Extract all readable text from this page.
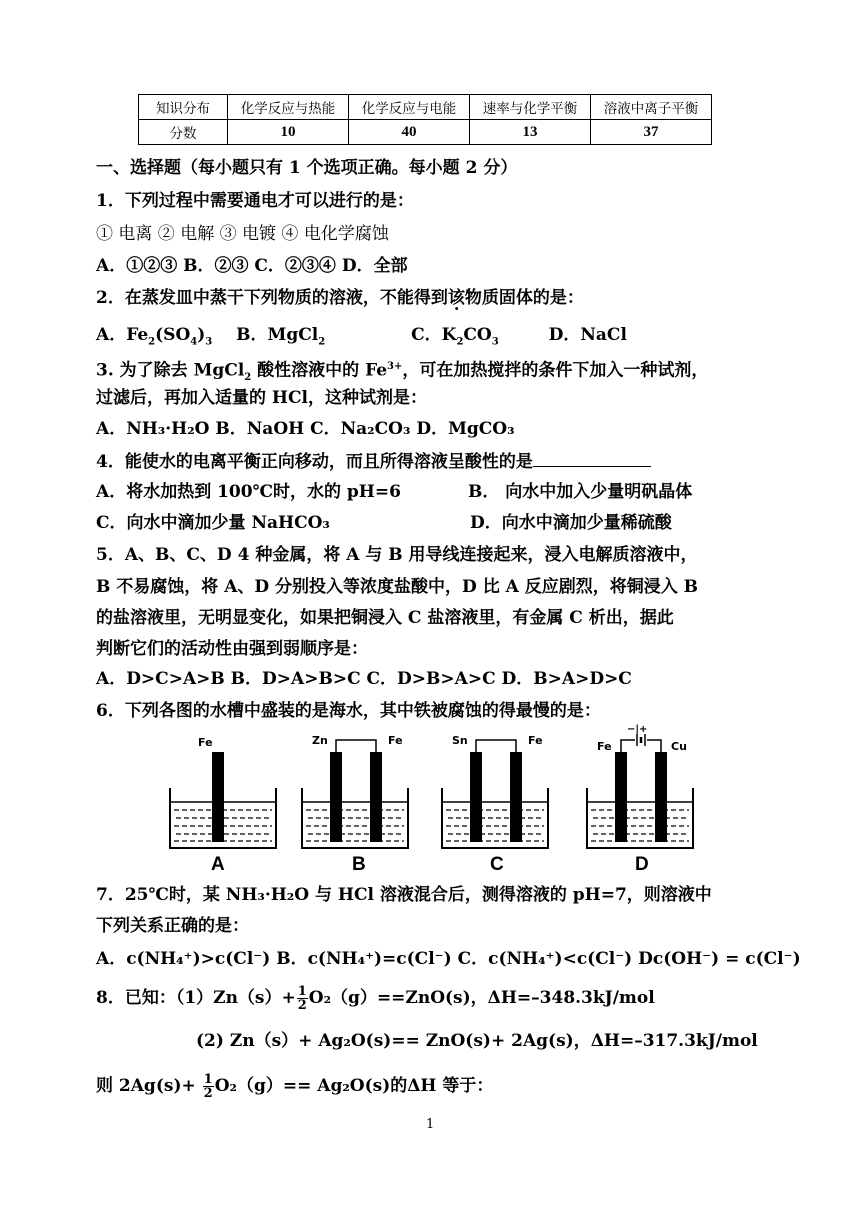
知识分布	化学反应与热能	化学反应与电能	速率与化学平衡	溶液中离子平衡
分数	10	40	13	37
一、选择题（每小题只有 1 个选项正确。每小题 2 分）
1．下列过程中需要通电才可以进行的是：
① 电离 ② 电解 ③ 电镀 ④ 电化学腐蚀
A．①②③ B．②③ C．②③④ D．全部
2．在蒸发皿中蒸干下列物质的溶液，不能得到该物质固体的是：
A．$Fe_2(SO_4)_3$ B．MgCl$_2$	C．$K_2CO_3$	D．NaCl
3. 为了除去 MgCl$_2$ 酸性溶液中的 $Fe^{3+}$，可在加热搅拌的条件下加入一种试剂，
过滤后，再加入适量的 HCl，这种试剂是：
A．NH₃·H₂O B．NaOH C．Na₂CO₃ D．MgCO₃
4．能使水的电离平衡正向移动，而且所得溶液呈酸性的是
A．将水加热到 100℃时，水的 pH=6	B． 向水中加入少量明矾晶体
C．向水中滴加少量 NaHCO₃	D．向水中滴加少量稀硫酸
5．A、B、C、D 4 种金属，将 A 与 B 用导线连接起来，浸入电解质溶液中，
B 不易腐蚀，将 A、D 分别投入等浓度盐酸中，D 比 A 反应剧烈，将铜浸入 B
的盐溶液里，无明显变化，如果把铜浸入 C 盐溶液里，有金属 C 析出，据此
判断它们的活动性由强到弱顺序是：
A．D>C>A>B B．D>A>B>C C．D>B>A>C D．B>A>D>C
6．下列各图的水槽中盛装的是海水，其中铁被腐蚀的得最慢的是：
Fe
A
Zn	Fe
B
Sn	Fe
C
Fe	Cu
−|+
D
7．25℃时，某 NH₃·H₂O 与 HCl 溶液混合后，测得溶液的 pH=7，则溶液中
下列关系正确的是：
A．c(NH₄⁺)>c(Cl⁻) B．c(NH₄⁺)=c(Cl⁻) C．c(NH₄⁺)<c(Cl⁻) Dc(OH⁻) = c(Cl⁻)
8．已知：$(1)Zn(s)+ \frac{1}{2} O_2(g)==ZnO(s)$，ΔH=–348.3kJ/mol
(2) Zn（s）+ Ag₂O(s)== ZnO(s)+ 2Ag(s)，ΔH=–317.3kJ/mol
则 $2Ag(s)+ \frac{1}{2} O_2(g)== Ag_2O(s)$的ΔH 等于：
1
